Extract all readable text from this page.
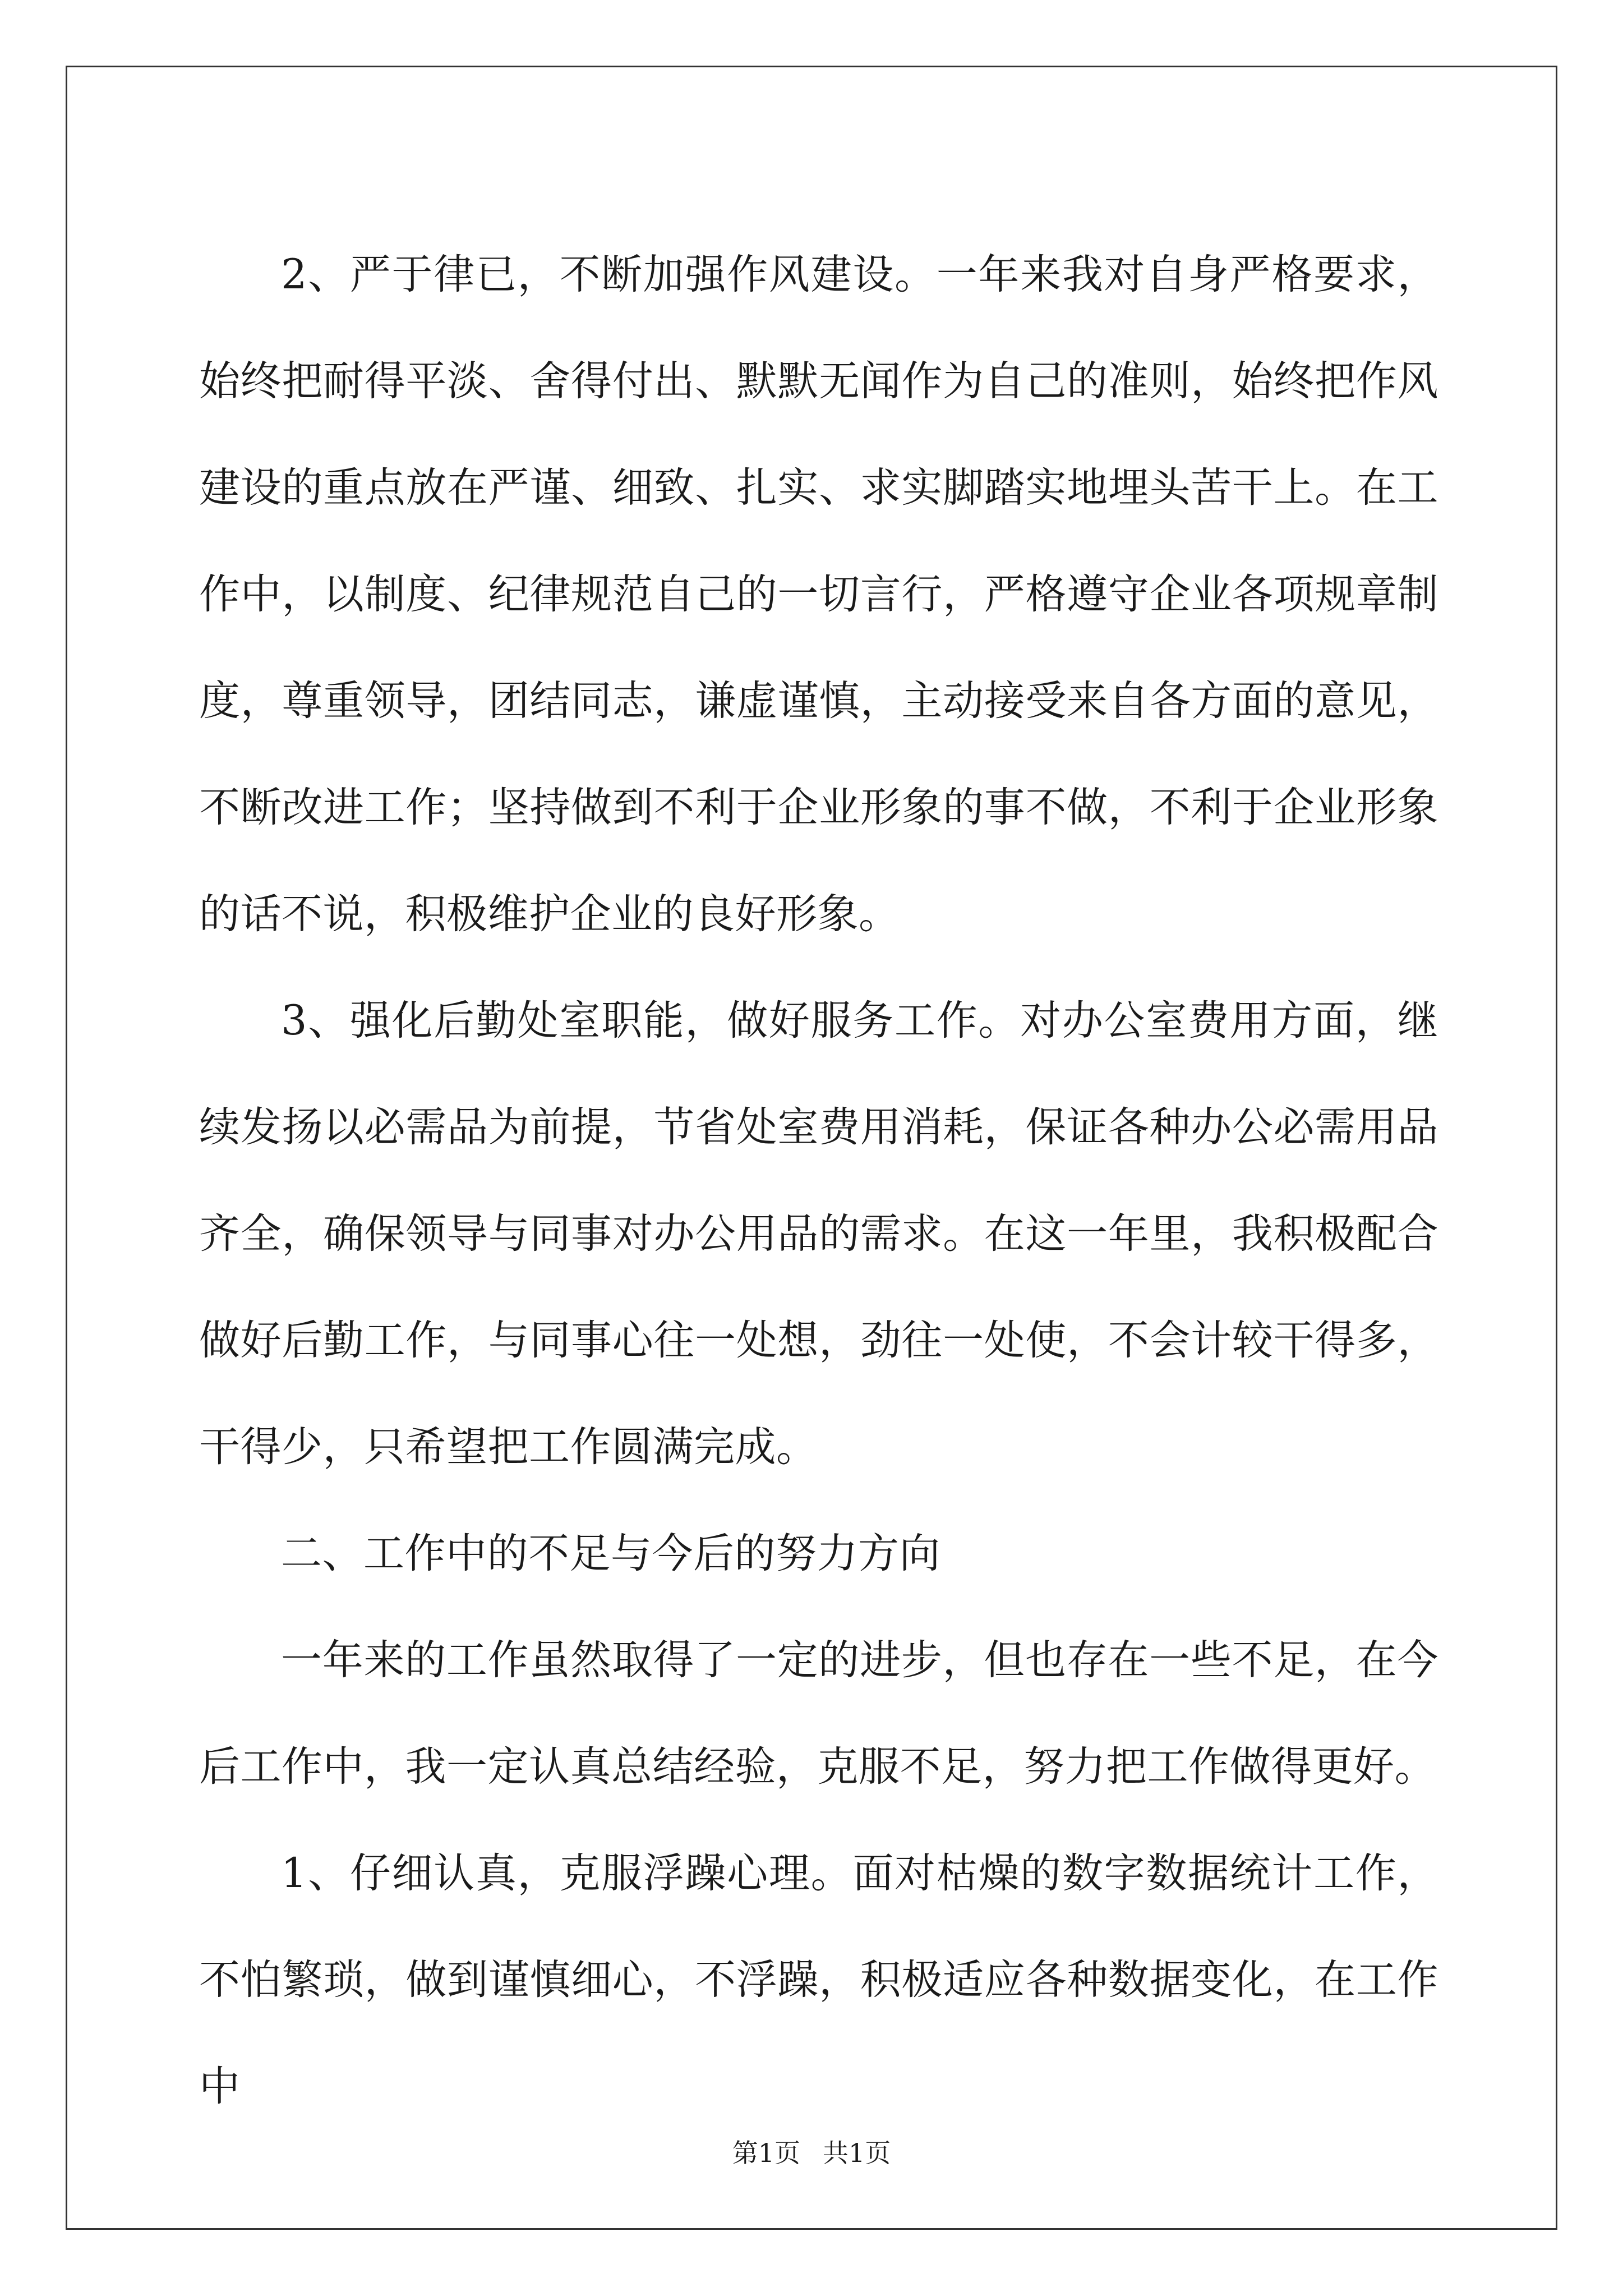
2、严于律已，不断加强作风建设。一年来我对自身严格要求，始终把耐得平淡、舍得付出、默默无闻作为自己的准则，始终把作风建设的重点放在严谨、细致、扎实、求实脚踏实地埋头苦干上。在工作中，以制度、纪律规范自己的一切言行，严格遵守企业各项规章制度，尊重领导，团结同志，谦虚谨慎，主动接受来自各方面的意见，不断改进工作；坚持做到不利于企业形象的事不做，不利于企业形象的话不说，积极维护企业的良好形象。

3、强化后勤处室职能，做好服务工作。对办公室费用方面，继续发扬以必需品为前提，节省处室费用消耗，保证各种办公必需用品齐全，确保领导与同事对办公用品的需求。在这一年里，我积极配合做好后勤工作，与同事心往一处想，劲往一处使，不会计较干得多，干得少，只希望把工作圆满完成。

二、工作中的不足与今后的努力方向

一年来的工作虽然取得了一定的进步，但也存在一些不足，在今后工作中，我一定认真总结经验，克服不足，努力把工作做得更好。

1、仔细认真，克服浮躁心理。面对枯燥的数字数据统计工作，不怕繁琐，做到谨慎细心，不浮躁，积极适应各种数据变化，在工作中

第1页 共1页
